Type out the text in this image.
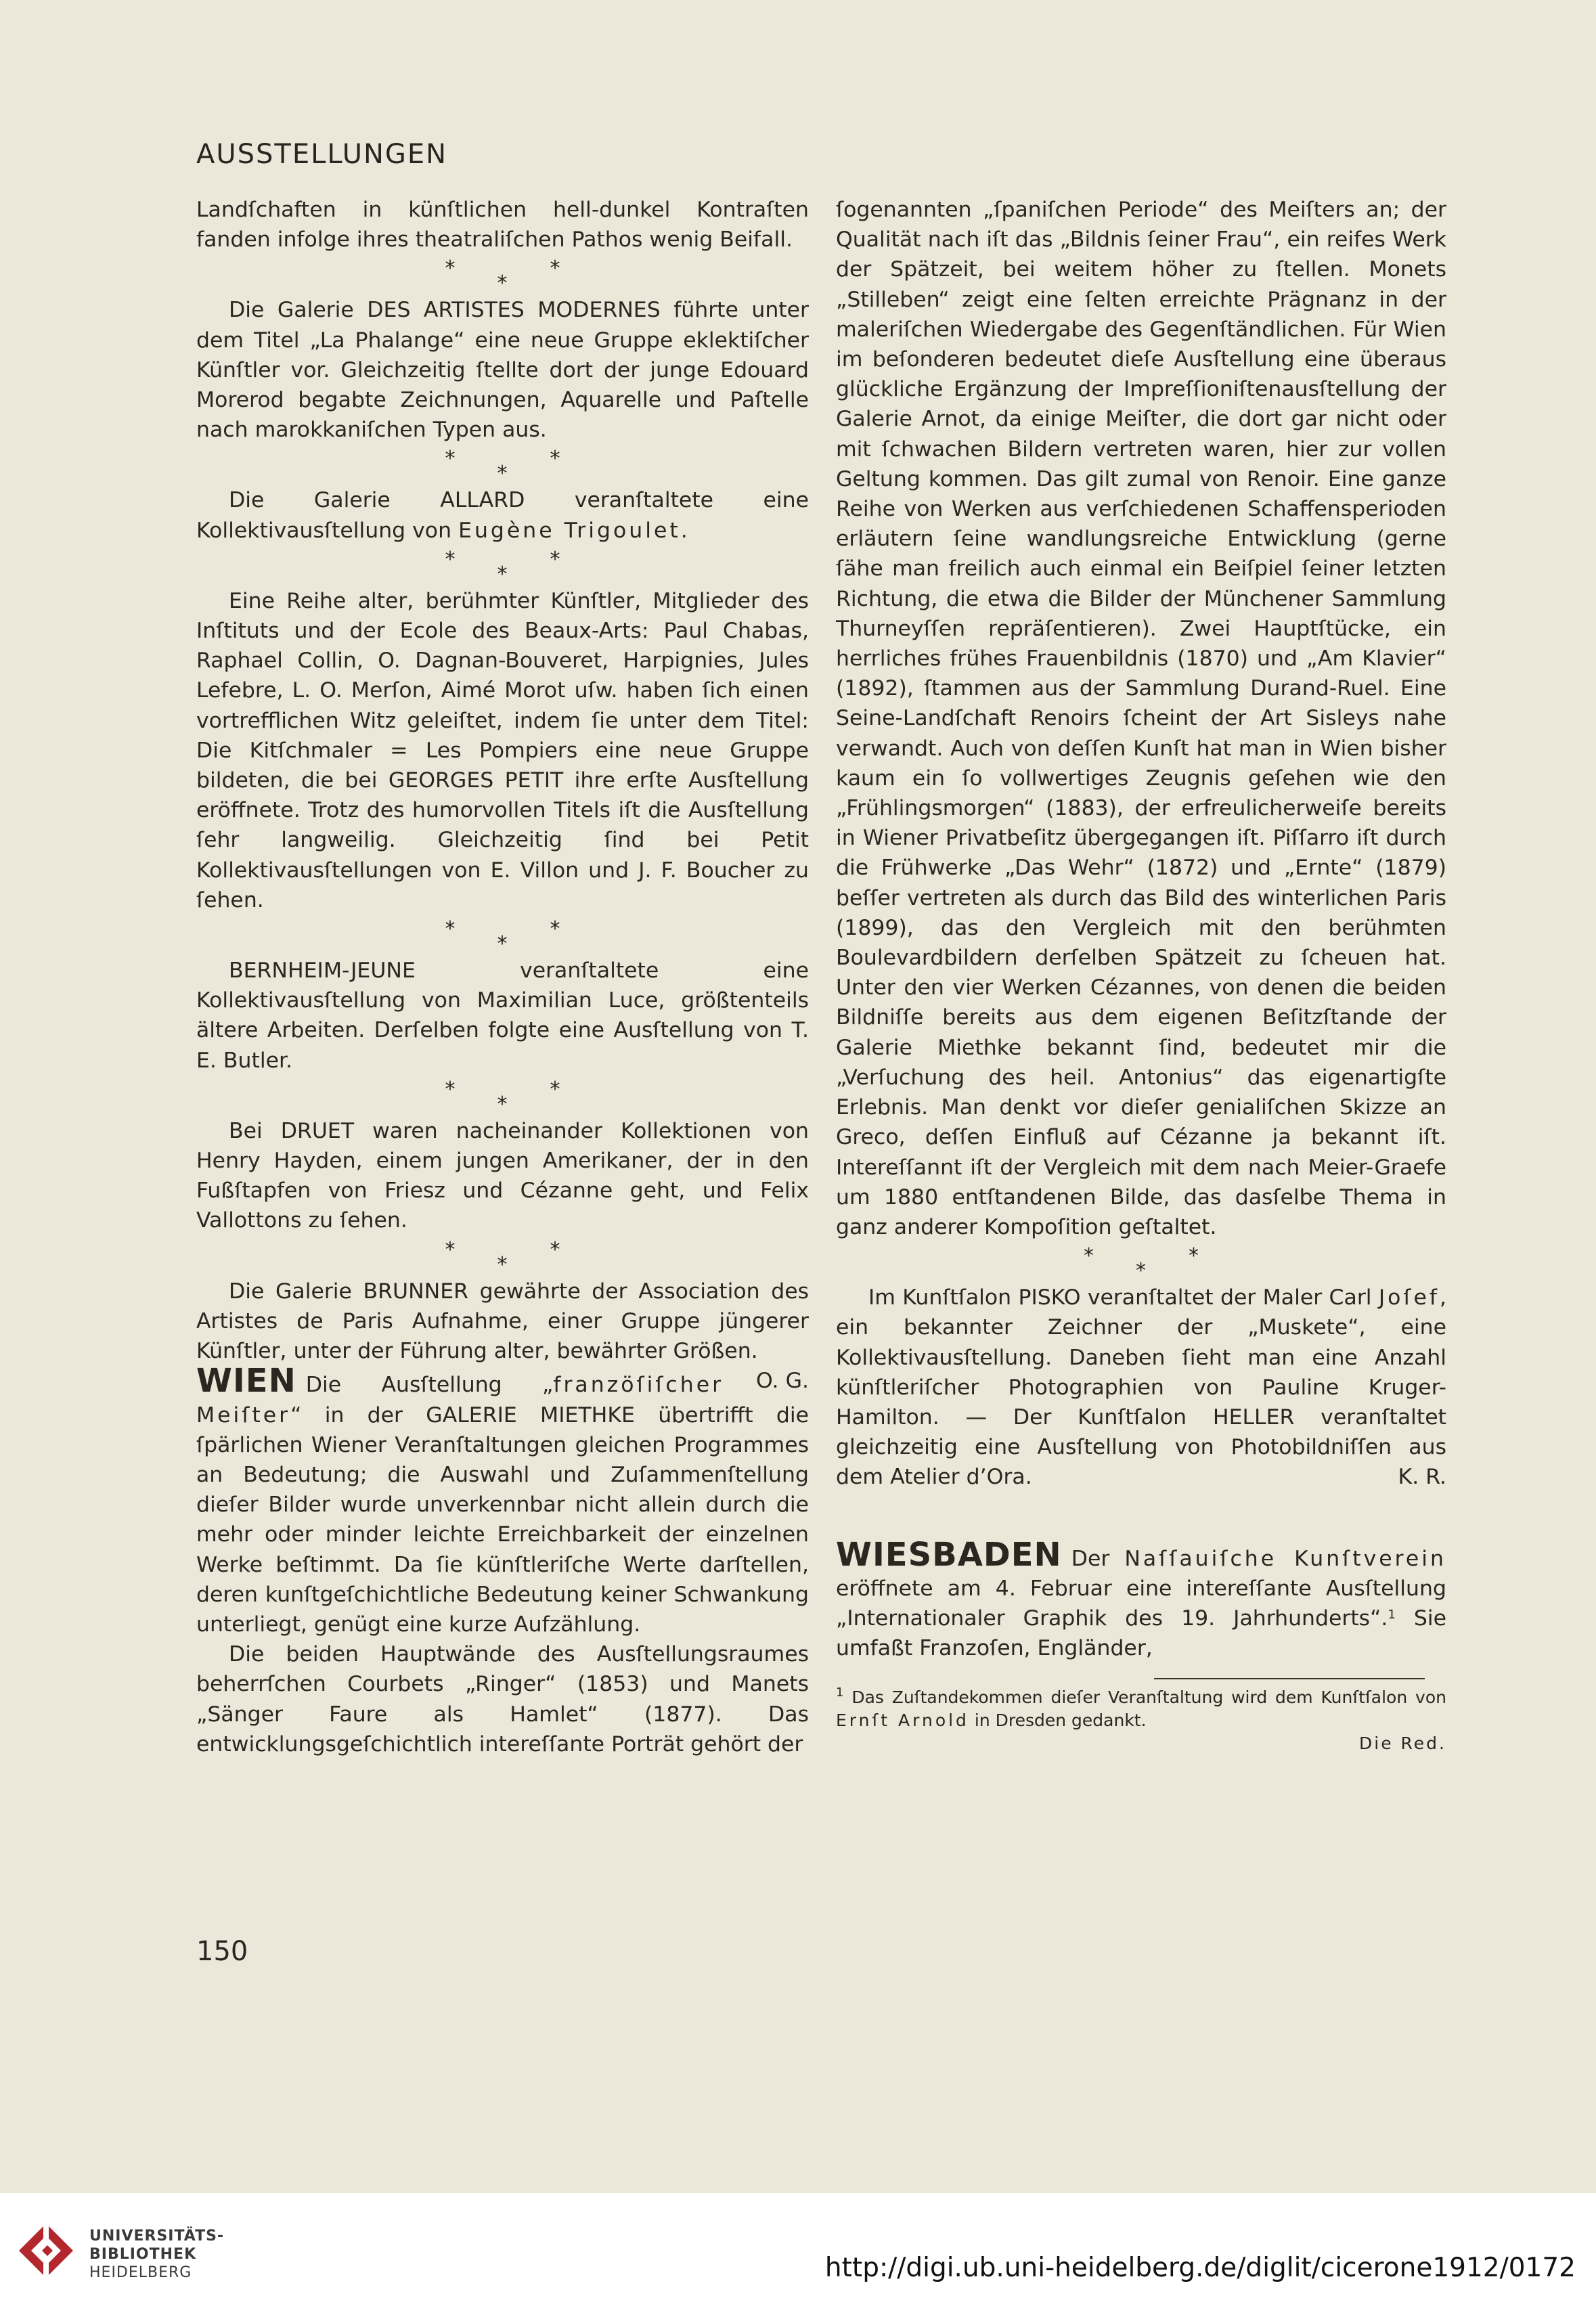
AUSSTELLUNGEN

Landſchaften in künſtlichen hell-dunkel Kontraſten fanden infolge ihres theatraliſchen Pathos wenig Beifall.

*
*
*

Die Galerie DES ARTISTES MODERNES führte unter dem Titel „La Phalange“ eine neue Gruppe eklektiſcher Künſtler vor. Gleichzeitig ſtellte dort der junge Edouard Morerod begabte Zeichnungen, Aquarelle und Paſtelle nach marokkaniſchen Typen aus.

*
*
*

Die Galerie ALLARD veranſtaltete eine Kollektivausſtellung von Eugène Trigoulet.

*
*
*

Eine Reihe alter, berühmter Künſtler, Mitglieder des Inſtituts und der Ecole des Beaux-Arts: Paul Chabas, Raphael Collin, O. Dagnan-Bouveret, Harpignies, Jules Lefebre, L. O. Merſon, Aimé Morot uſw. haben ſich einen vortrefflichen Witz geleiſtet, indem ſie unter dem Titel: Die Kitſchmaler = Les Pompiers eine neue Gruppe bildeten, die bei GEORGES PETIT ihre erſte Ausſtellung eröffnete. Trotz des humorvollen Titels iſt die Ausſtellung ſehr langweilig. Gleichzeitig ſind bei Petit Kollektivausſtellungen von E. Villon und J. F. Boucher zu ſehen.

*
*
*

BERNHEIM-JEUNE veranſtaltete eine Kollektivausſtellung von Maximilian Luce, größtenteils ältere Arbeiten. Derſelben folgte eine Ausſtellung von T. E. Butler.

*
*
*

Bei DRUET waren nacheinander Kollektionen von Henry Hayden, einem jungen Amerikaner, der in den Fußſtapfen von Friesz und Cézanne geht, und Felix Vallottons zu ſehen.

*
*
*

Die Galerie BRUNNER gewährte der Association des Artistes de Paris Aufnahme, einer Gruppe jüngerer Künſtler, unter der Führung alter, bewährter Größen.
O. G.

WIEN Die Ausſtellung „franzöſiſcher Meiſter“ in der GALERIE MIETHKE übertrifft die ſpärlichen Wiener Veranſtaltungen gleichen Programmes an Bedeutung; die Auswahl und Zuſammenſtellung dieſer Bilder wurde unverkennbar nicht allein durch die mehr oder minder leichte Erreichbarkeit der einzelnen Werke beſtimmt. Da ſie künſtleriſche Werte darſtellen, deren kunſtgeſchichtliche Bedeutung keiner Schwankung unterliegt, genügt eine kurze Aufzählung.

Die beiden Hauptwände des Ausſtellungsraumes beherrſchen Courbets „Ringer“ (1853) und Manets „Sänger Faure als Hamlet“ (1877). Das entwicklungsgeſchichtlich intereſſante Porträt gehört der

ſogenannten „ſpaniſchen Periode“ des Meiſters an; der Qualität nach iſt das „Bildnis ſeiner Frau“, ein reifes Werk der Spätzeit, bei weitem höher zu ſtellen. Monets „Stilleben“ zeigt eine ſelten erreichte Prägnanz in der maleriſchen Wiedergabe des Gegenſtändlichen. Für Wien im beſonderen bedeutet dieſe Ausſtellung eine überaus glückliche Ergänzung der Impreſſioniſtenausſtellung der Galerie Arnot, da einige Meiſter, die dort gar nicht oder mit ſchwachen Bildern vertreten waren, hier zur vollen Geltung kommen. Das gilt zumal von Renoir. Eine ganze Reihe von Werken aus verſchiedenen Schaffensperioden erläutern ſeine wandlungsreiche Entwicklung (gerne ſähe man freilich auch einmal ein Beiſpiel ſeiner letzten Richtung, die etwa die Bilder der Münchener Sammlung Thurneyſſen repräſentieren). Zwei Hauptſtücke, ein herrliches frühes Frauenbildnis (1870) und „Am Klavier“ (1892), ſtammen aus der Sammlung Durand-Ruel. Eine Seine-Landſchaft Renoirs ſcheint der Art Sisleys nahe verwandt. Auch von deſſen Kunſt hat man in Wien bisher kaum ein ſo vollwertiges Zeugnis geſehen wie den „Frühlingsmorgen“ (1883), der erfreulicherweiſe bereits in Wiener Privatbeſitz übergegangen iſt. Piſſarro iſt durch die Frühwerke „Das Wehr“ (1872) und „Ernte“ (1879) beſſer vertreten als durch das Bild des winterlichen Paris (1899), das den Vergleich mit den berühmten Boulevardbildern derſelben Spätzeit zu ſcheuen hat. Unter den vier Werken Cézannes, von denen die beiden Bildniſſe bereits aus dem eigenen Beſitzſtande der Galerie Miethke bekannt ſind, bedeutet mir die „Verſuchung des heil. Antonius“ das eigenartigſte Erlebnis. Man denkt vor dieſer genialiſchen Skizze an Greco, deſſen Einfluß auf Cézanne ja bekannt iſt. Intereſſannt iſt der Vergleich mit dem nach Meier-Graefe um 1880 entſtandenen Bilde, das dasſelbe Thema in ganz anderer Kompoſition geſtaltet.

*
*
*

Im Kunſtſalon PISKO veranſtaltet der Maler Carl Joſef, ein bekannter Zeichner der „Muskete“, eine Kollektivausſtellung. Daneben ſieht man eine Anzahl künſtleriſcher Photographien von Pauline Kruger-Hamilton. — Der Kunſtſalon HELLER veranſtaltet gleichzeitig eine Ausſtellung von Photobildniſſen aus dem Atelier d’Ora.	K. R.

WIESBADEN Der Naſſauiſche Kunſtverein eröffnete am 4. Februar eine intereſſante Ausſtellung „Internationaler Graphik des 19. Jahrhunderts“.$^1$ Sie umfaßt Franzoſen, Engländer,

$^1$ Das Zuſtandekommen dieſer Veranſtaltung wird dem Kunſtſalon von Ernſt Arnold in Dresden gedankt.
Die Red.
150
UNIVERSITÄTS-
BIBLIOTHEK
HEIDELBERG	http://digi.ub.uni-heidelberg.de/diglit/cicerone1912/0172
